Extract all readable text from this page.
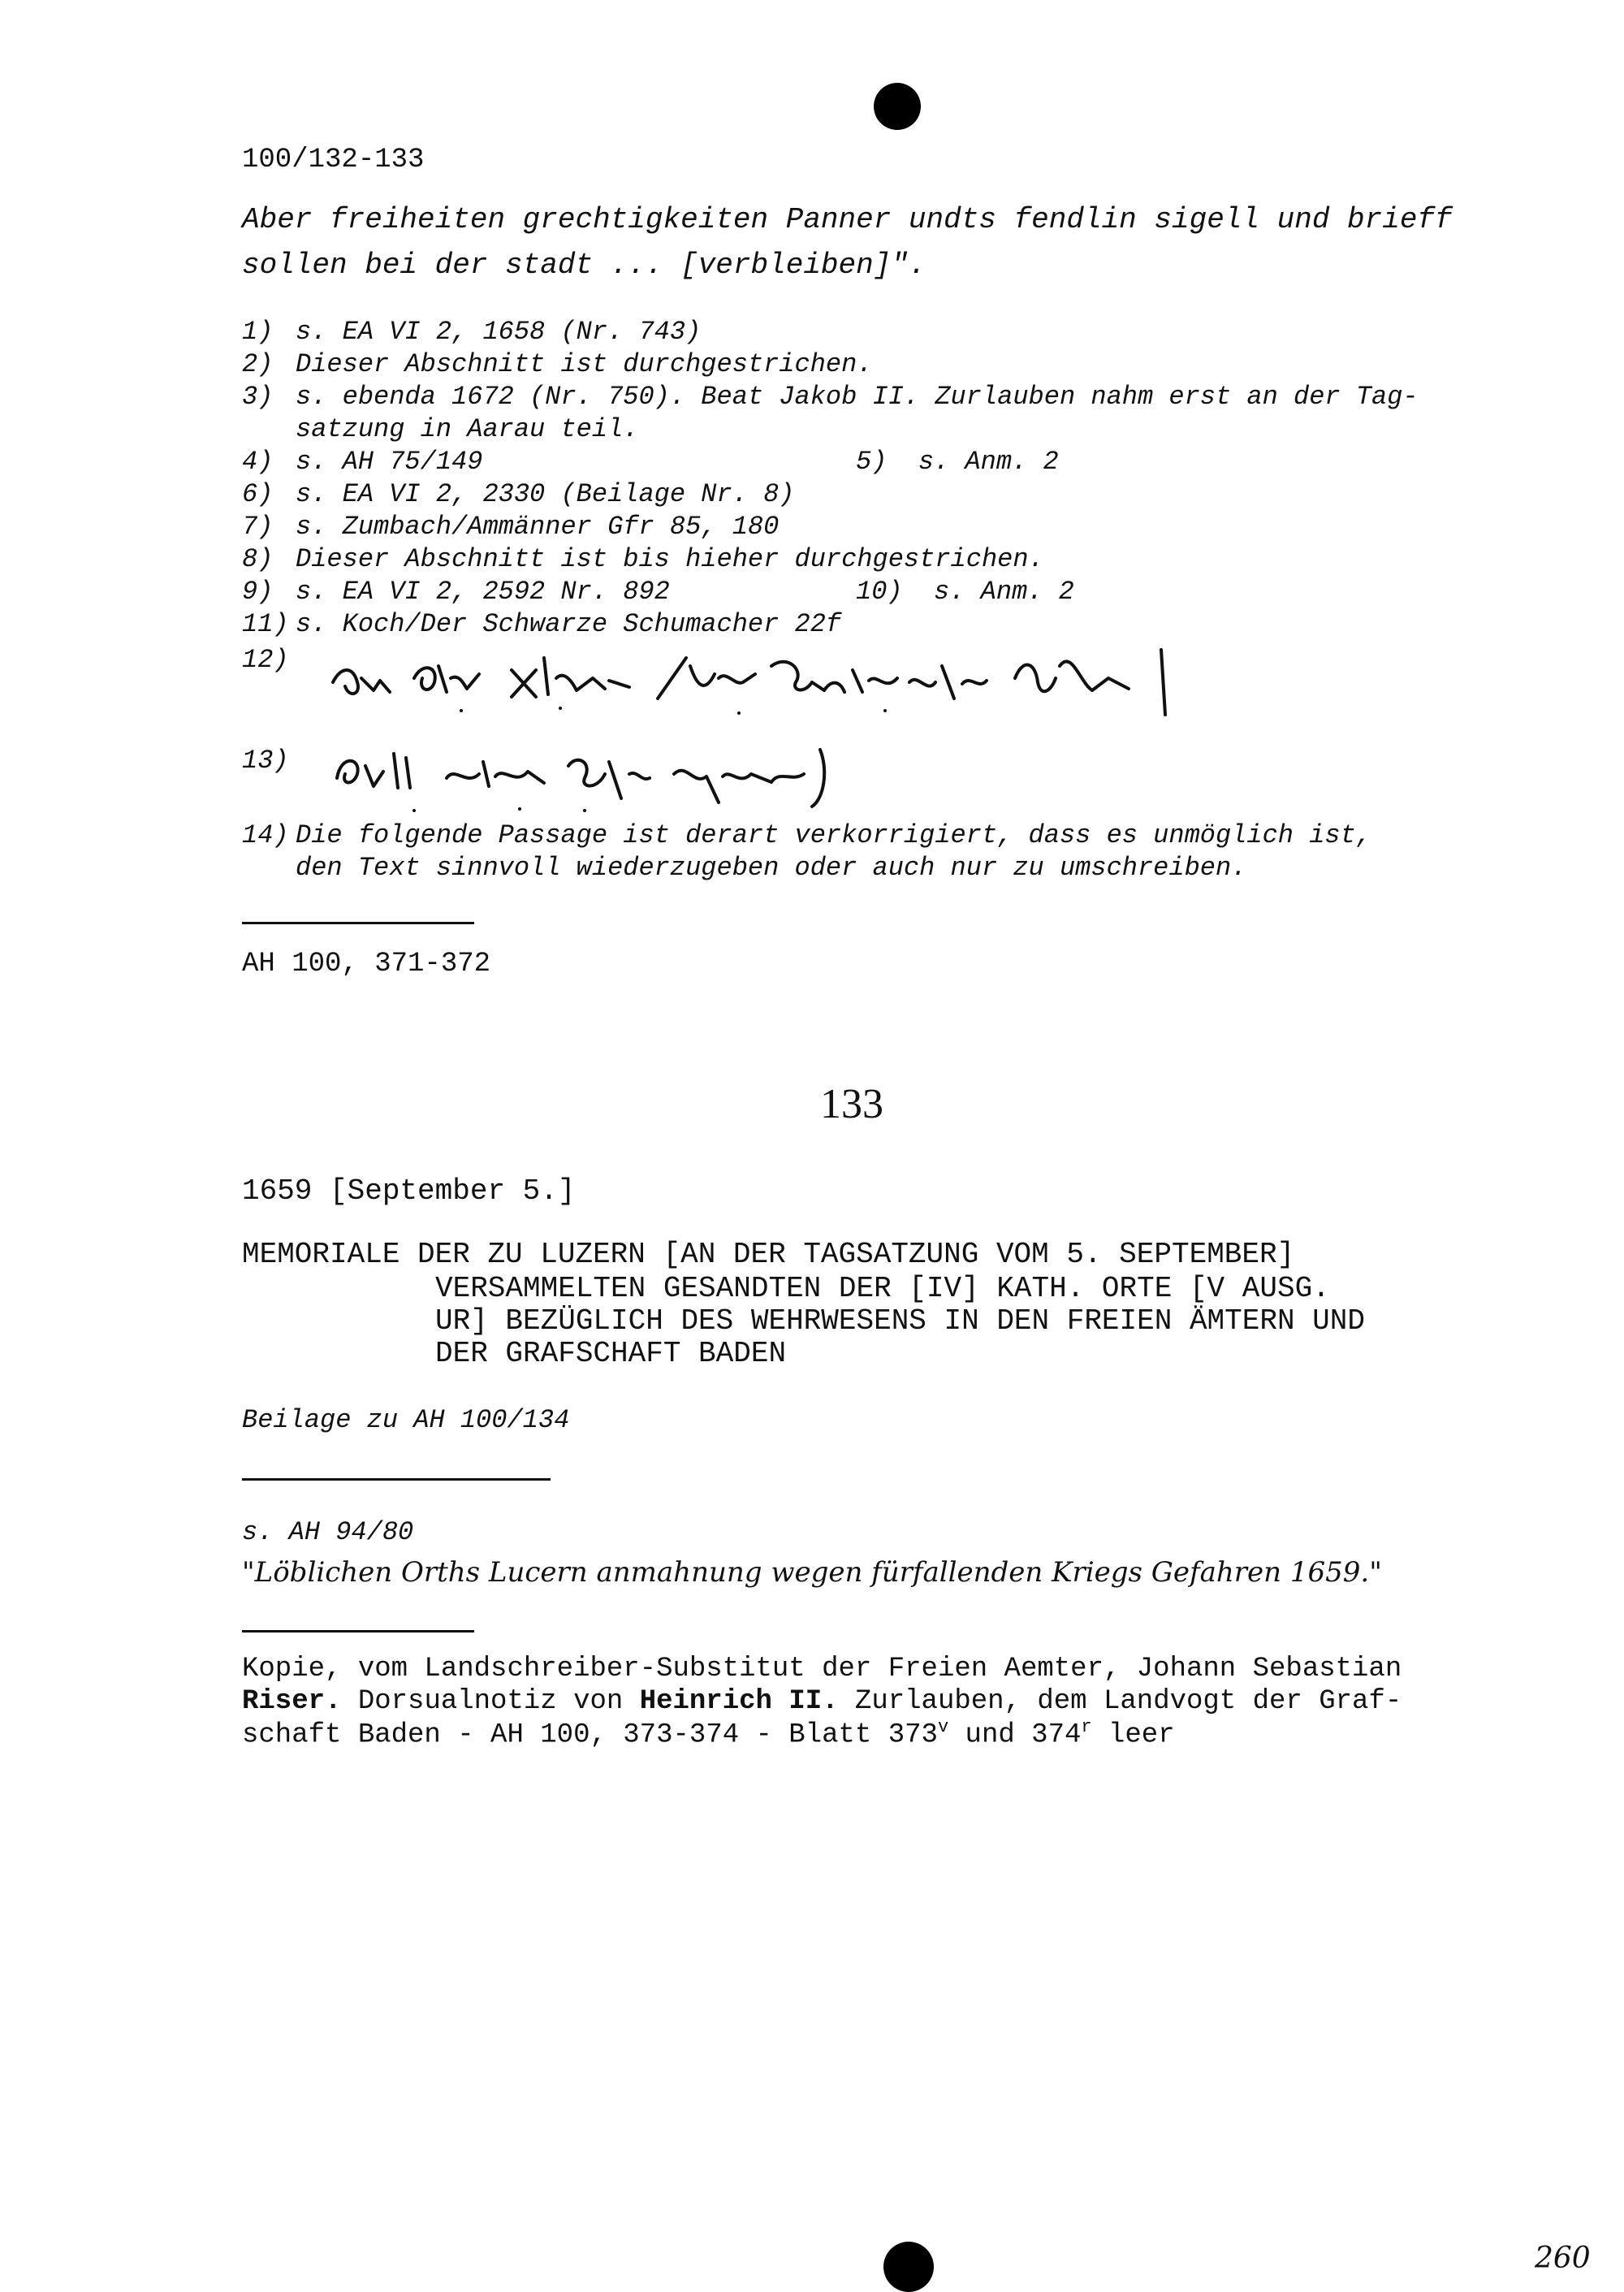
100/132-133
Aber freiheiten grechtigkeiten Panner undts fendlin sigell und brieff
sollen bei der stadt ... [verbleiben]".
1) s. EA VI 2, 1658 (Nr. 743)
2) Dieser Abschnitt ist durchgestrichen.
3) s. ebenda 1672 (Nr. 750). Beat Jakob II. Zurlauben nahm erst an der Tag-
satzung in Aarau teil.
4) s. AH 75/149	5) s. Anm. 2
6) s. EA VI 2, 2330 (Beilage Nr. 8)
7) s. Zumbach/Ammänner Gfr 85, 180
8) Dieser Abschnitt ist bis hieher durchgestrichen.
9) s. EA VI 2, 2592 Nr. 892	10) s. Anm. 2
11) s. Koch/Der Schwarze Schumacher 22f
12)
13)
14) Die folgende Passage ist derart verkorrigiert, dass es unmöglich ist,
den Text sinnvoll wiederzugeben oder auch nur zu umschreiben.
AH 100, 371-372
133
1659 [September 5.]
MEMORIALE DER ZU LUZERN [AN DER TAGSATZUNG VOM 5. SEPTEMBER]
VERSAMMELTEN GESANDTEN DER [IV] KATH. ORTE [V AUSG.
UR] BEZÜGLICH DES WEHRWESENS IN DEN FREIEN ÄMTERN UND
DER GRAFSCHAFT BADEN
Beilage zu AH 100/134
s. AH 94/80
"Löblichen Orths Lucern anmahnung wegen fürfallenden Kriegs Gefahren 1659."
Kopie, vom Landschreiber-Substitut der Freien Aemter, Johann Sebastian
Riser. Dorsualnotiz von Heinrich II. Zurlauben, dem Landvogt der Graf-
schaft Baden - AH 100, 373-374 - Blatt 373$^v$ und 374$^r$ leer
260
